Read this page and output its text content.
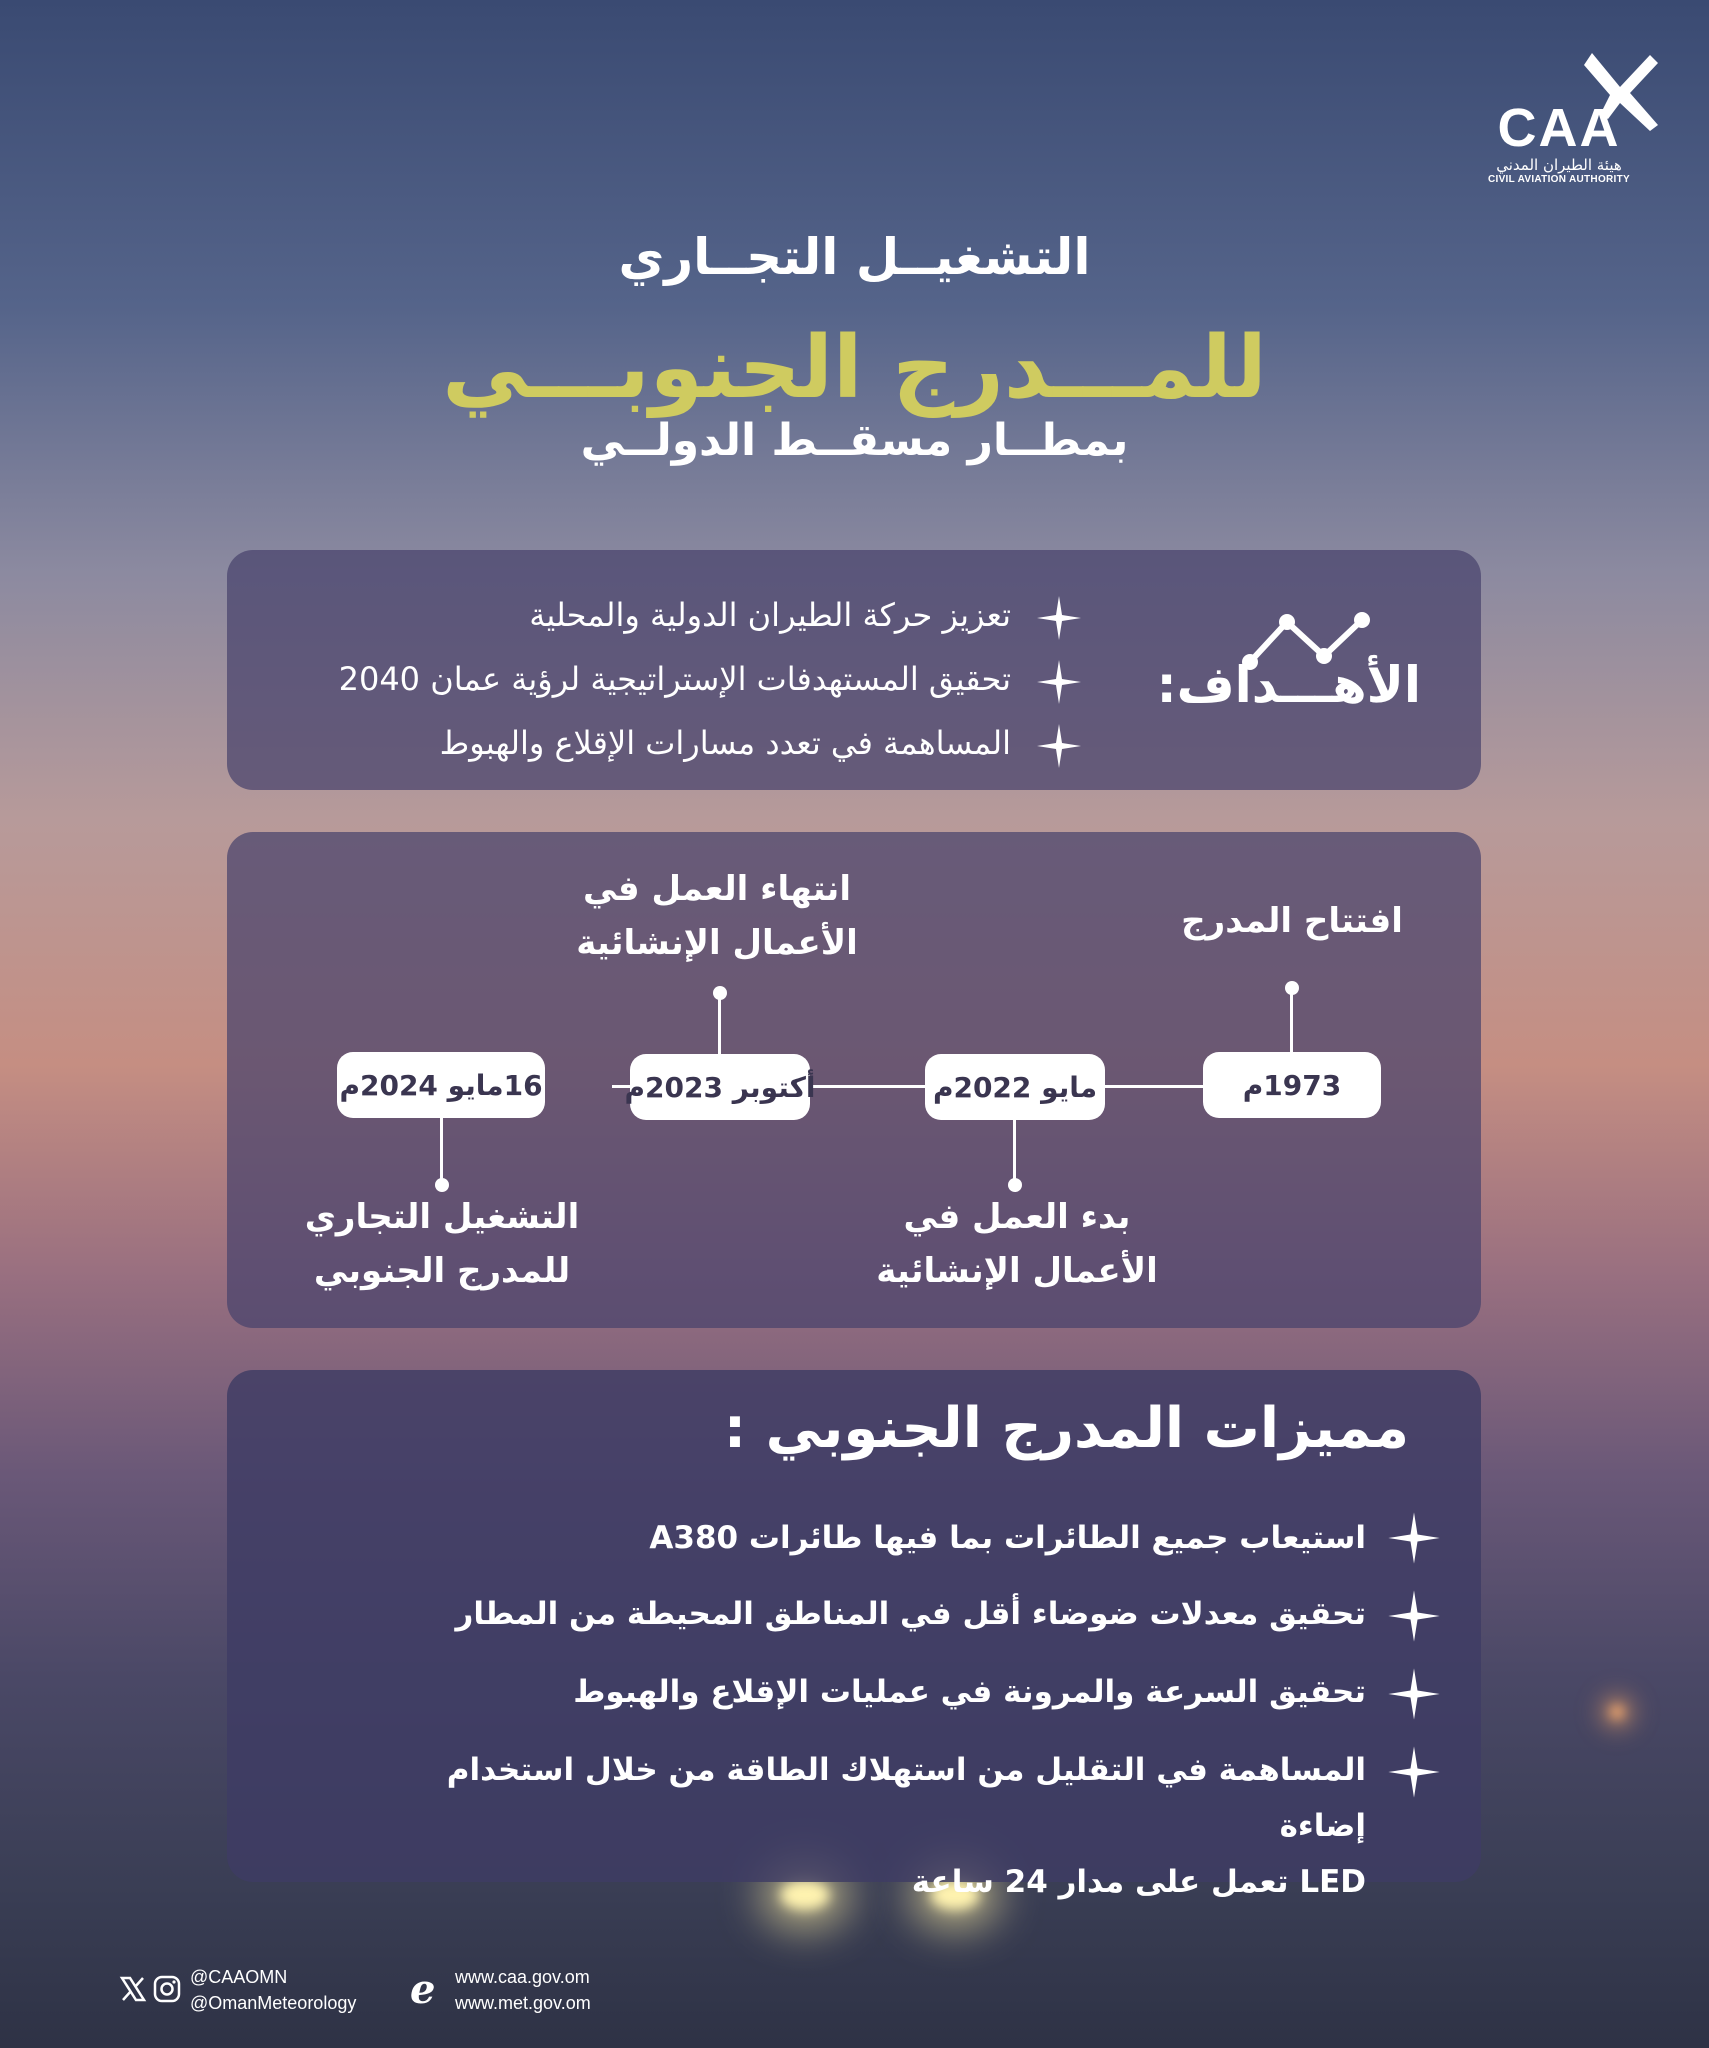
CAA
هيئة الطيران المدني
CIVIL AVIATION AUTHORITY
التشغيــل التجــاري
للمـــدرج الجنوبـــي
بمطــار مسقــط الدولــي
الأهـــداف:
تعزيز حركة الطيران الدولية والمحلية
تحقيق المستهدفات الإستراتيجية لرؤية عمان 2040
المساهمة في تعدد مسارات الإقلاع والهبوط
1973م
افتتاح المدرج
مايو 2022م
بدء العمل في
الأعمال الإنشائية
أكتوبر 2023م
انتهاء العمل في
الأعمال الإنشائية
16مايو 2024م
التشغيل التجاري
للمدرج الجنوبي
مميزات المدرج الجنوبي :
استيعاب جميع الطائرات بما فيها طائرات A380
تحقيق معدلات ضوضاء أقل في المناطق المحيطة من المطار
تحقيق السرعة والمرونة في عمليات الإقلاع والهبوط
المساهمة في التقليل من استهلاك الطاقة من خلال استخدام إضاءة
LED تعمل على مدار 24 ساعة
@CAAOMN
@OmanMeteorology e	www.caa.gov.om
www.met.gov.om
